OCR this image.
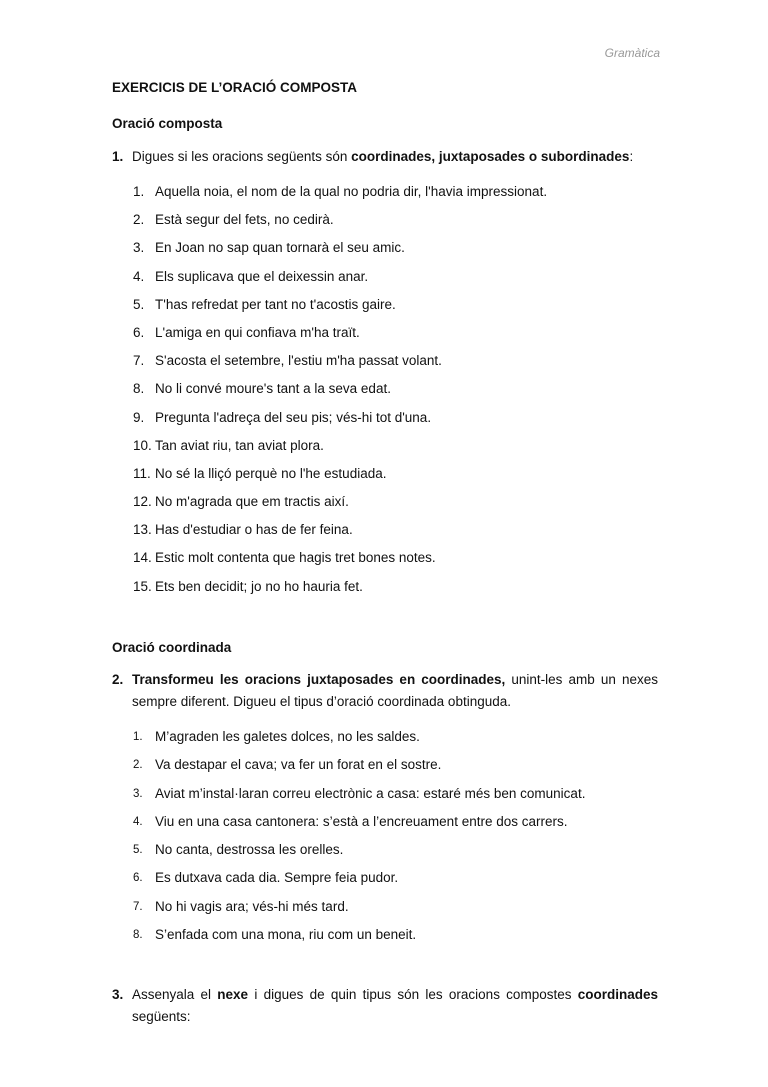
Gramàtica
EXERCICIS DE L’ORACIÓ COMPOSTA
Oració composta
1. Digues si les oracions següents són coordinades, juxtaposades o subordinades:
1. Aquella noia, el nom de la qual no podria dir, l'havia impressionat.
2. Està segur del fets, no cedirà.
3. En Joan no sap quan tornarà el seu amic.
4. Els suplicava que el deixessin anar.
5. T'has refredat per tant no t'acostis gaire.
6. L'amiga en qui confiava m'ha traït.
7. S'acosta el setembre, l'estiu m'ha passat volant.
8. No li convé moure's tant a la seva edat.
9. Pregunta l'adreça del seu pis; vés-hi tot d'una.
10. Tan aviat riu, tan aviat plora.
11. No sé la lliçó perquè no l'he estudiada.
12. No m'agrada que em tractis així.
13. Has d'estudiar o has de fer feina.
14. Estic molt contenta que hagis tret bones notes.
15. Ets ben decidit; jo no ho hauria fet.
Oració coordinada
2. Transformeu les oracions juxtaposades en coordinades, unint-les amb un nexes sempre diferent. Digueu el tipus d’oració coordinada obtinguda.
1. M’agraden les galetes dolces, no les saldes.
2. Va destapar el cava; va fer un forat en el sostre.
3. Aviat m’instal·laran correu electrònic a casa: estaré més ben comunicat.
4. Viu en una casa cantonera: s’està a l’encreuament entre dos carrers.
5. No canta, destrossa les orelles.
6. Es dutxava cada dia. Sempre feia pudor.
7. No hi vagis ara; vés-hi més tard.
8. S’enfada com una mona, riu com un beneit.
3. Assenyala el nexe i digues de quin tipus són les oracions compostes coordinades següents:
